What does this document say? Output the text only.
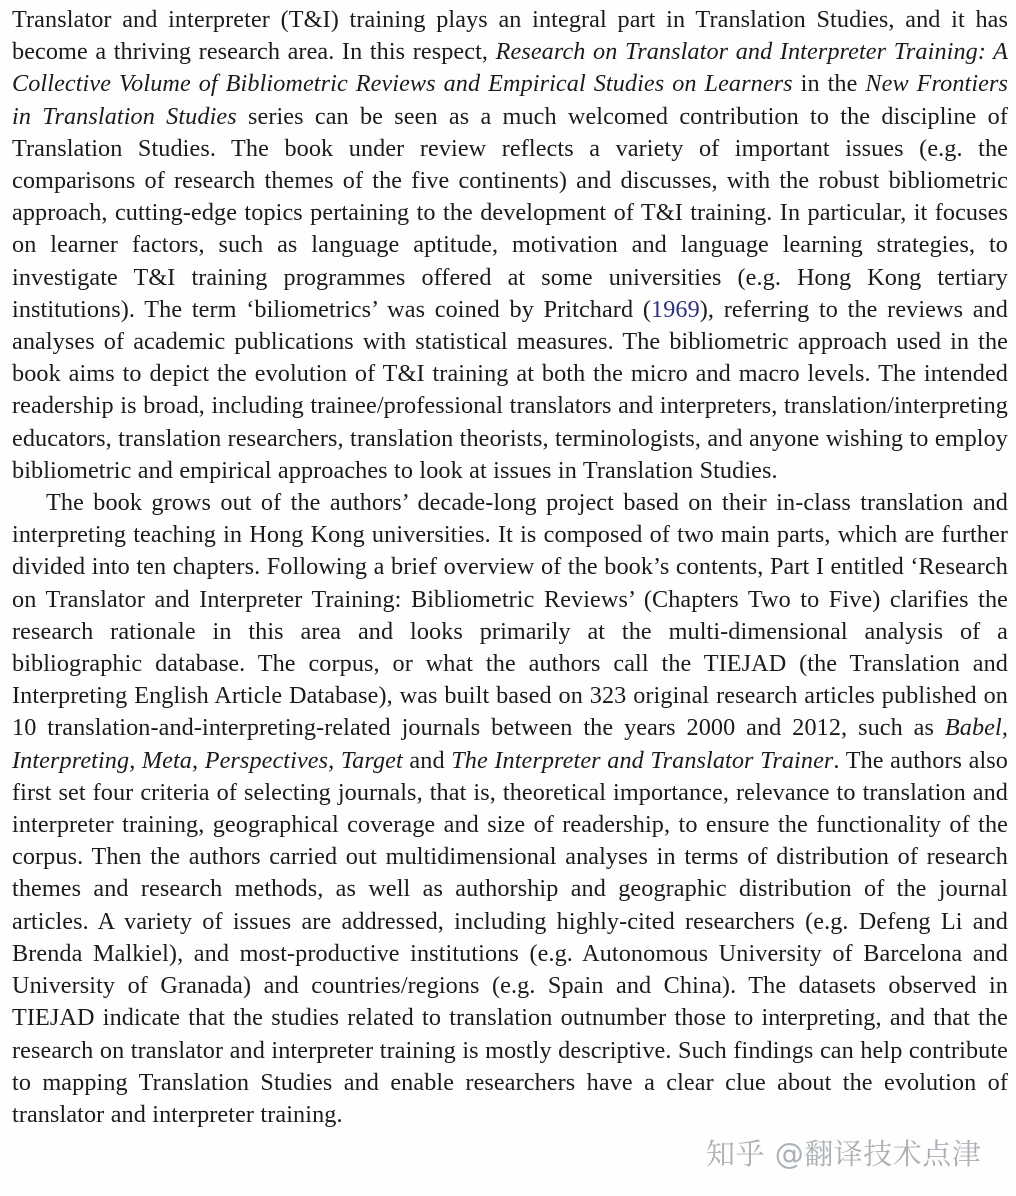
Translator and interpreter (T&I) training plays an integral part in Translation Studies, and it has become a thriving research area. In this respect, Research on Translator and Interpreter Training: A Collective Volume of Bibliometric Reviews and Empirical Studies on Learners in the New Frontiers in Translation Studies series can be seen as a much welcomed contribution to the discipline of Translation Studies. The book under review reflects a variety of important issues (e.g. the comparisons of research themes of the five continents) and discusses, with the robust bibliometric approach, cutting-edge topics pertaining to the development of T&I training. In particular, it focuses on learner factors, such as language aptitude, motivation and language learning strategies, to investigate T&I training programmes offered at some universities (e.g. Hong Kong tertiary institutions). The term ‘biliometrics’ was coined by Pritchard (1969), referring to the reviews and analyses of academic publications with statistical measures. The bibliometric approach used in the book aims to depict the evolution of T&I training at both the micro and macro levels. The intended readership is broad, including trainee/professional translators and interpreters, translation/interpreting educators, translation researchers, translation theorists, terminologists, and anyone wishing to employ bibliometric and empirical approaches to look at issues in Translation Studies.

The book grows out of the authors’ decade-long project based on their in-class translation and interpreting teaching in Hong Kong universities. It is composed of two main parts, which are further divided into ten chapters. Following a brief overview of the book’s contents, Part I entitled ‘Research on Translator and Interpreter Training: Bibliometric Reviews’ (Chapters Two to Five) clarifies the research rationale in this area and looks primarily at the multi-dimensional analysis of a bibliographic database. The corpus, or what the authors call the TIEJAD (the Translation and Interpreting English Article Database), was built based on 323 original research articles published on 10 translation-and-interpreting-related journals between the years 2000 and 2012, such as Babel, Interpreting, Meta, Perspectives, Target and The Interpreter and Translator Trainer. The authors also first set four criteria of selecting journals, that is, theoretical importance, relevance to translation and interpreter training, geographical coverage and size of readership, to ensure the functionality of the corpus. Then the authors carried out multidimensional analyses in terms of distribution of research themes and research methods, as well as authorship and geographic distribution of the journal articles. A variety of issues are addressed, including highly-cited researchers (e.g. Defeng Li and Brenda Malkiel), and most-productive institutions (e.g. Autonomous University of Barcelona and University of Granada) and countries/regions (e.g. Spain and China). The datasets observed in TIEJAD indicate that the studies related to translation outnumber those to interpreting, and that the research on translator and interpreter training is mostly descriptive. Such findings can help contribute to mapping Translation Studies and enable researchers have a clear clue about the evolution of translator and interpreter training.

知乎 @翻译技术点津
